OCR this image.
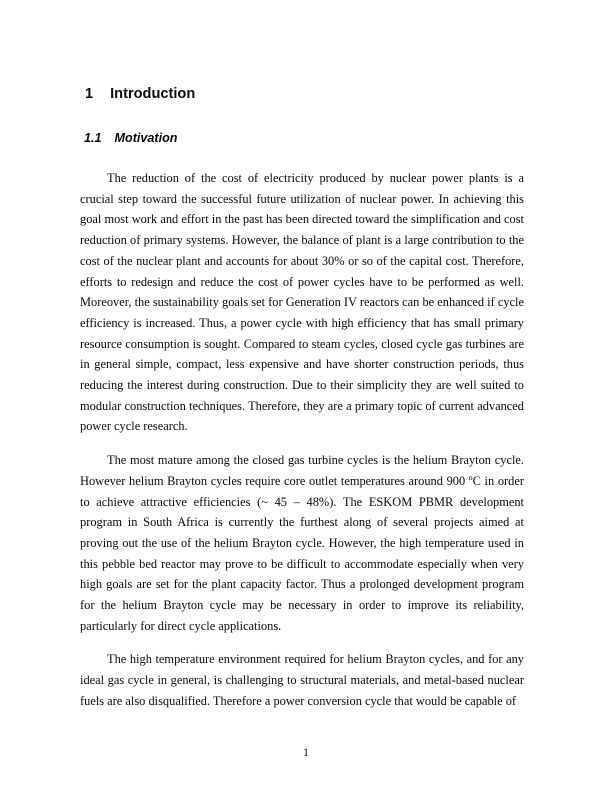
1 Introduction
1.1 Motivation

The reduction of the cost of electricity produced by nuclear power plants is a crucial step toward the successful future utilization of nuclear power. In achieving this goal most work and effort in the past has been directed toward the simplification and cost reduction of primary systems. However, the balance of plant is a large contribution to the cost of the nuclear plant and accounts for about 30% or so of the capital cost. Therefore, efforts to redesign and reduce the cost of power cycles have to be performed as well. Moreover, the sustainability goals set for Generation IV reactors can be enhanced if cycle efficiency is increased. Thus, a power cycle with high efficiency that has small primary resource consumption is sought. Compared to steam cycles, closed cycle gas turbines are in general simple, compact, less expensive and have shorter construction periods, thus reducing the interest during construction. Due to their simplicity they are well suited to modular construction techniques. Therefore, they are a primary topic of current advanced power cycle research.

The most mature among the closed gas turbine cycles is the helium Brayton cycle. However helium Brayton cycles require core outlet temperatures around 900 ºC in order to achieve attractive efficiencies (~ 45 – 48%). The ESKOM PBMR development program in South Africa is currently the furthest along of several projects aimed at proving out the use of the helium Brayton cycle. However, the high temperature used in this pebble bed reactor may prove to be difficult to accommodate especially when very high goals are set for the plant capacity factor. Thus a prolonged development program for the helium Brayton cycle may be necessary in order to improve its reliability, particularly for direct cycle applications.

The high temperature environment required for helium Brayton cycles, and for any ideal gas cycle in general, is challenging to structural materials, and metal-based nuclear fuels are also disqualified. Therefore a power conversion cycle that would be capable of

1
